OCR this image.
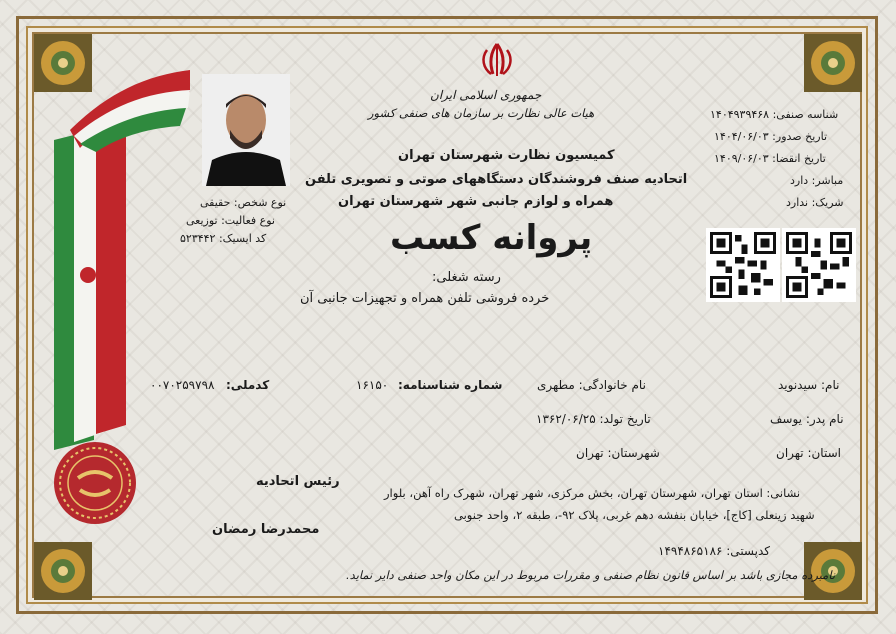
جمهوری اسلامی ایران
هیات عالی نظارت بر سازمان های صنفی کشور
کمیسیون نظارت شهرستان تهران
اتحادیه صنف فروشندگان دستگاههای صوتی و تصویری تلفن
همراه و لوازم جانبی شهر شهرستان تهران
پروانه کسب
رسته شغلی:
خرده فروشی تلفن همراه و تجهیزات جانبی آن
شناسه صنفی: ۱۴۰۴۹۳۹۴۶۸
تاریخ صدور: ۱۴۰۴/۰۶/۰۳
تاریخ انقضا: ۱۴۰۹/۰۶/۰۳
مباشر: دارد
شریک: ندارد
نوع شخص: حقیقی
نوع فعالیت: توزیعی
کد ایسیک: ۵۲۳۴۴۲
نام: سیدنوید
نام خانوادگی: مطهری
شماره شناسنامه:
۱۶۱۵۰
کدملی:
۰۰۷۰۲۵۹۷۹۸
نام پدر: یوسف
تاریخ تولد: ۱۳۶۲/۰۶/۲۵
استان: تهران
شهرستان: تهران
رئیس اتحادیه
محمدرضا رمضان
نشانی: استان تهران، شهرستان تهران، بخش مرکزی، شهر تهران، شهرک راه آهن، بلوار
شهید زینعلی [کاج]، خیابان بنفشه دهم غربی، پلاک ۹۲-، طبقه ۲، واحد جنوبی
کدپستی: ۱۴۹۴۸۶۵۱۸۶
نامبرده مجازی باشد بر اساس قانون نظام صنفی و مقررات مربوط در این مکان واحد صنفی دایر نماید.
